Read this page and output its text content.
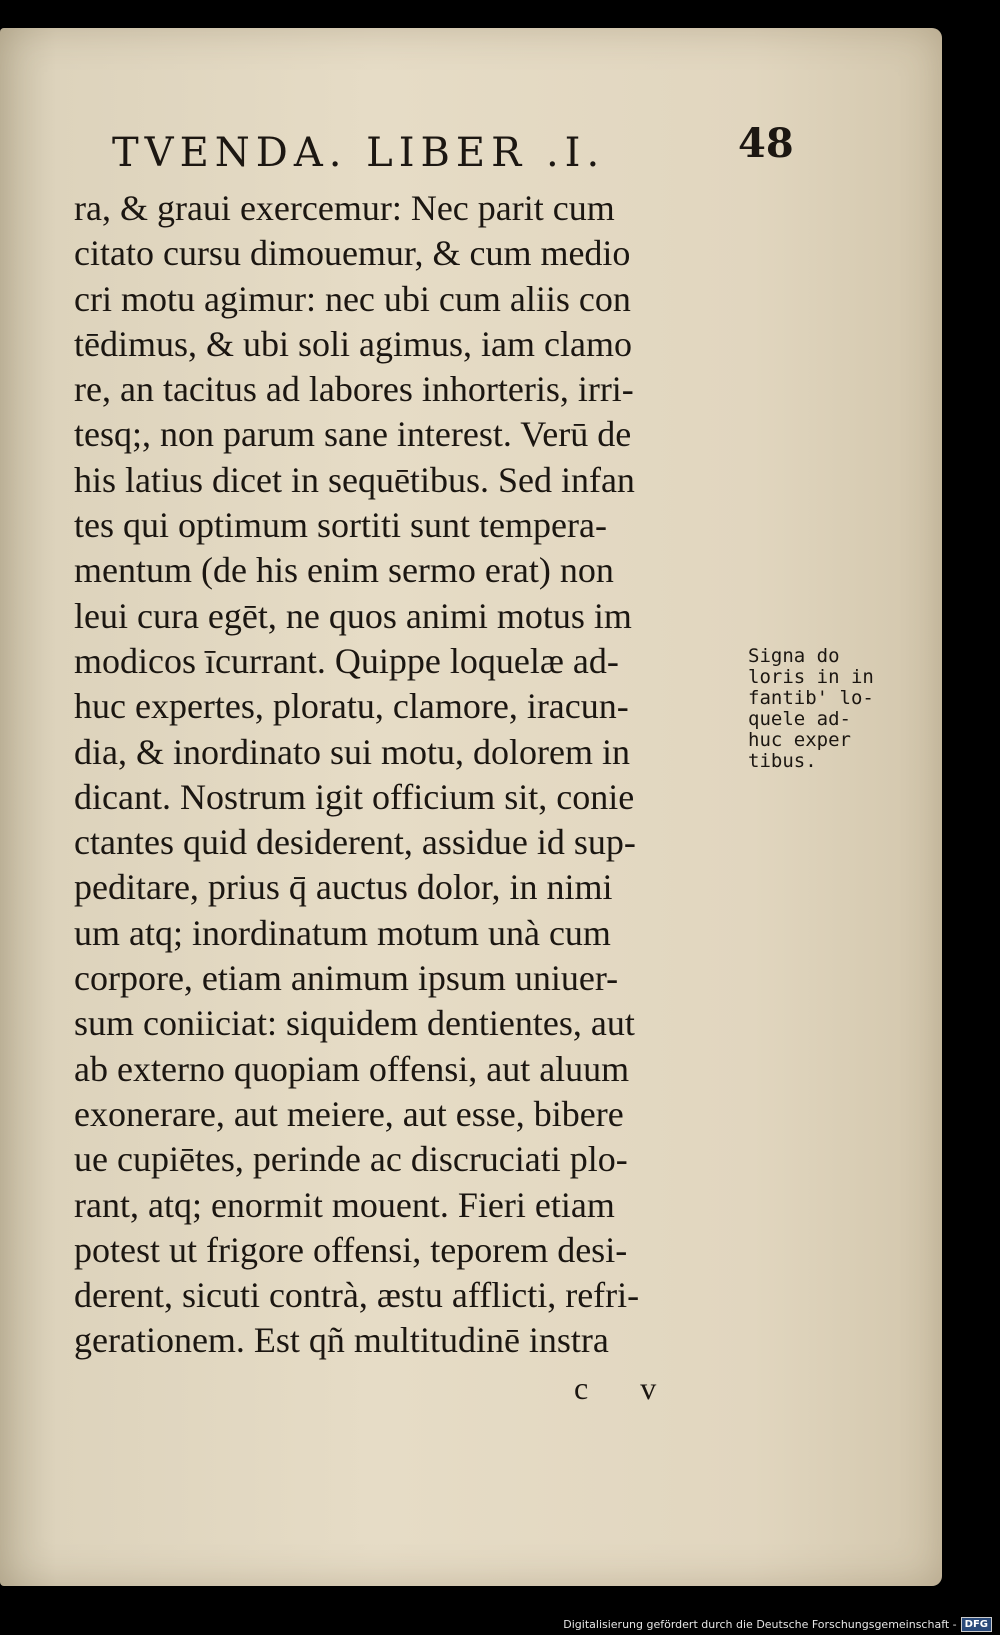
TVENDA. LIBER .I.	48
ra, & graui exercemur: Nec parit cum
citato cursu dimouemur, & cum medio
cri motu agimur: nec ubi cum aliis con
tēdimus, & ubi soli agimus, iam clamo
re, an tacitus ad labores inhorteris, irri-
tesq;, non parum sane interest. Verū de
his latius dicet in sequētibus. Sed infan
tes qui optimum sortiti sunt tempera-
mentum (de his enim sermo erat) non
leui cura egēt, ne quos animi motus im
modicos īcurrant. Quippe loquelæ ad-
huc expertes, ploratu, clamore, iracun-
dia, & inordinato sui motu, dolorem in
dicant. Nostrum igit officium sit, conie
ctantes quid desiderent, assidue id sup-
peditare, prius q̄ auctus dolor, in nimi
um atq; inordinatum motum unà cum
corpore, etiam animum ipsum uniuer-
sum coniiciat: siquidem dentientes, aut
ab externo quopiam offensi, aut aluum
exonerare, aut meiere, aut esse, bibere
ue cupiētes, perinde ac discruciati plo-
rant, atq; enormit mouent. Fieri etiam
potest ut frigore offensi, teporem desi-
derent, sicuti contrà, æstu afflicti, refri-
gerationem. Est qñ multitudinē instra
Signa do
loris in in
fantib' lo-
quele ad-
huc exper
tibus.
c v
Digitalisierung gefördert durch die Deutsche Forschungsgemeinschaft - DFG
